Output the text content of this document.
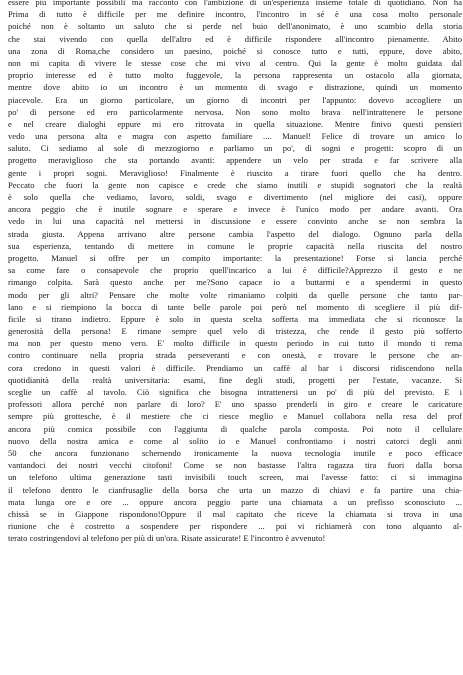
essere più importante possibili ma racconto con l'ambizione di un'esperienza insieme totale di quotidiano. Non ha
Prima di tutto è difficile per me definire incontro, l'incontro in sé è una cosa molto personale
poiché non è soltanto un saluto che si perde nel buio dell'anonimato, è uno scambio della storia
che stai vivendo con quella dell'altro ed è difficile rispondere all'incontro pienamente. Abito
una zona di Roma,che considero un paesino, poiché si conosce tutto e tutti, eppure, dove abito,
non mi capita di vivere le stesse cose che mi vivo al centro. Qui la gente è molto guidata dal
proprio interesse ed è tutto molto fuggevole, la persona rappresenta un ostacolo alla giornata,
mentre dove abito io un incontro è un momento di svago e distrazione, quindi un momento
piacevole. Era un giorno particolare, un giorno di incontri per l'appunto: dovevo accogliere un
po' di persone ed ero particolarmente nervosa. Non sono molto brava nell'intrattenere le persone
e nel creare dialoghi eppure mi ero ritrovata in quella situazione. Mentre finivo questi pensieri
vedo una persona alta e magra con aspetto familiare .... Manuel! Felice di trovare un amico lo
saluto. Ci sediamo al sole di mezzogiorno e parliamo un po', di sogni e progetti: scopro di un
progetto meraviglioso che sta portando avanti: appendere un velo per strada e far scrivere alla
gente i propri sogni. Meraviglioso! Finalmente è riuscito a tirare fuori quello che ha dentro.
Peccato che fuori la gente non capisce e crede che siamo inutili e stupidi sognatori che la realtà
è solo quella che vediamo, lavoro, soldi, svago e divertimento (nel migliore dei casi), oppure
ancora peggio che è inutile sognare e sperare e invece è l'unico modo per andare avanti. Ora
vedo in lui una capacità nel mettersi in discussione e essere convinto anche se non sembra la
strada giusta. Appena arrivano altre persone cambia l'aspetto del dialogo. Ognuno parla della
sua esperienza, tentando di mettere in comune le proprie capacità nella riuscita del nostro
progetto. Manuel si offre per un compito importante: la presentazione! Forse si lancia perché
sa come fare o consapevole che proprio quell'incarico a lui è difficile?Apprezzo il gesto e ne
rimango colpita. Sarà questo anche per me?Sono capace io a buttarmi e a spendermi in questo
modo per gli altri? Pensare che molte volte rimaniamo colpiti da quelle persone che tanto par-
lano e si riempiono la bocca di tante belle parole poi però nel momento di scegliere il più dif-
ficile si tirano indietro. Eppure è solo in questa scelta sofferta ma immediata che si riconosce la
generosità della persona! E rimane sempre quel velo di tristezza, che rende il gesto più sofferto
ma non per questo meno vero. E' molto difficile in questo periodo in cui tutto il mondo ti rema
contro continuare nella propria strada perseveranti e con onestà, e trovare le persone che an-
cora credono in questi valori è difficile. Prendiamo un caffè al bar i discorsi ridiscendono nella
quotidianità della realtà universitaria: esami, fine degli studi, progetti per l'estate, vacanze. Si
sceglie un caffè al tavolo. Ciò significa che bisogna intrattenersi un po' di più del previsto. E i
professori allora perché non parlare di loro? E' uno spasso prenderli in giro e creare le caricature
sempre più grottesche, è il mestiere che ci riesce meglio e Manuel collabora nella resa del prof
ancora più comica possibile con l'aggiunta di qualche parola composta. Poi noto il cellulare
nuovo della nostra amica e come al solito io e Manuel confrontiamo i nostri catorci degli anni
50 che ancora funzionano schernendo ironicamente la nuova tecnologia inutile e poco efficace
vantandoci dei nostri vecchi citofoni! Come se non bastasse l'altra ragazza tira fuori dalla borsa
un telefono ultima generazione tasti invisibili touch screen, mai l'avesse fatto: ci si immagina
il telefono dentro le cianfrusaglie della borsa che urta un mazzo di chiavi e fa partire una chia-
mata lunga ore e ore ... oppure ancora peggio parte una chiamata a un prefisso sconosciuto ...
chissà se in Giappone rispondono!Oppure il mal capitato che riceve la chiamata si trova in una
riunione che è costretto a sospendere per rispondere ... poi vi richiamerà con tono alquanto al-
terato costringendovi al telefono per più di un'ora. Risate assicurate! E l'incontro è avvenuto!
